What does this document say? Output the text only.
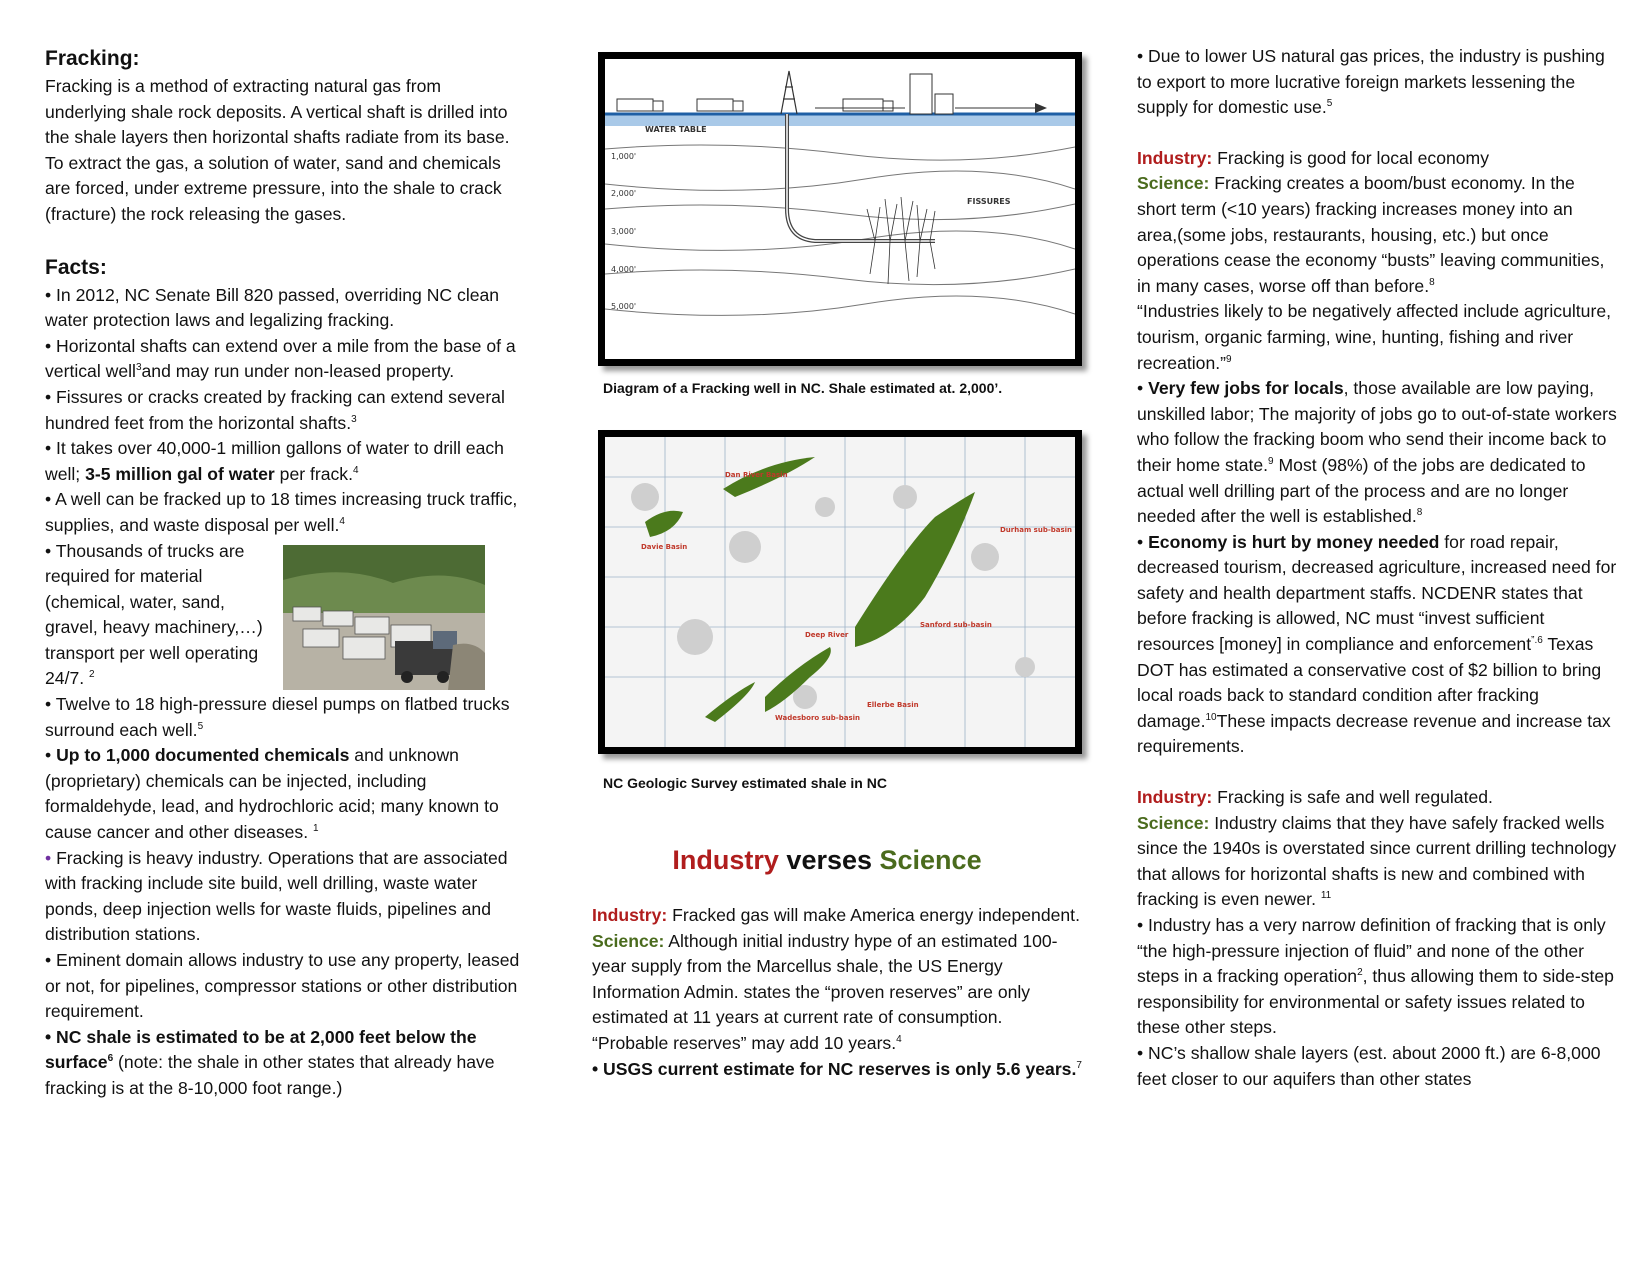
Fracking:

Fracking is a method of extracting natural gas from underlying shale rock deposits. A vertical shaft is drilled into the shale layers then horizontal shafts radiate from its base. To extract the gas, a solution of water, sand and chemicals are forced, under extreme pressure, into the shale to crack (fracture) the rock releasing the gases.

Facts:

• In 2012, NC Senate Bill 820 passed, overriding NC clean water protection laws and legalizing fracking.

• Horizontal shafts can extend over a mile from the base of a vertical well$^3$and may run under non-leased property.

• Fissures or cracks created by fracking can extend several hundred feet from the horizontal shafts.$^3$

• It takes over 40,000-1 million gallons of water to drill each well; 3-5 million gal of water per frack.$^4$

• A well can be fracked up to 18 times increasing truck traffic, supplies, and waste disposal per well.$^4$

• Thousands of trucks are required for material (chemical, water, sand, gravel, heavy machinery,…) transport per well operating 24/7. $^2$

• Twelve to 18 high-pressure diesel pumps on flatbed trucks surround each well.$^5$

• Up to 1,000 documented chemicals and unknown (proprietary) chemicals can be injected, including formaldehyde, lead, and hydrochloric acid; many known to cause cancer and other diseases. $^1$

• Fracking is heavy industry. Operations that are associated with fracking include site build, well drilling, waste water ponds, deep injection wells for waste fluids, pipelines and distribution stations.

• Eminent domain allows industry to use any property, leased or not, for pipelines, compressor stations or other distribution requirement.

• NC shale is estimated to be at 2,000 feet below the surface$^6$ (note: the shale in other states that already have fracking is at the 8-10,000 foot range.)

WATER TABLE
1,000'
2,000'
3,000'
4,000'
5,000'
FISSURES
Diagram of a Fracking well in NC. Shale estimated at. 2,000’.
Durham sub-basin
Sanford sub-basin
Wadesboro sub-basin
Ellerbe Basin
Dan River Basin
Davie Basin
Deep River
NC Geologic Survey estimated shale in NC
Industry verses Science

Industry: Fracked gas will make America energy independent.

Science: Although initial industry hype of an estimated 100-year supply from the Marcellus shale, the US Energy Information Admin. states the “proven reserves” are only estimated at 11 years at current rate of consumption. “Probable reserves” may add 10 years.$^4$

• USGS current estimate for NC reserves is only 5.6 years.$^7$

• Due to lower US natural gas prices, the industry is pushing to export to more lucrative foreign markets lessening the supply for domestic use.$^5$

Industry: Fracking is good for local economy

Science: Fracking creates a boom/bust economy. In the short term (<10 years) fracking increases money into an area,(some jobs, restaurants, housing, etc.) but once operations cease the economy “busts” leaving communities, in many cases, worse off than before.$^8$

“Industries likely to be negatively affected include agriculture, tourism, organic farming, wine, hunting, fishing and river recreation.”$^9$

• Very few jobs for locals, those available are low paying, unskilled labor; The majority of jobs go to out-of-state workers who follow the fracking boom who send their income back to their home state.$^9$ Most (98%) of the jobs are dedicated to actual well drilling part of the process and are no longer needed after the well is established.$^8$

• Economy is hurt by money needed for road repair, decreased tourism, decreased agriculture, increased need for safety and health department staffs. NCDENR states that before fracking is allowed, NC must “invest sufficient resources [money] in compliance and enforcement$^{”.6}$ Texas DOT has estimated a conservative cost of $2 billion to bring local roads back to standard condition after fracking damage.$^{10}$These impacts decrease revenue and increase tax requirements.

Industry: Fracking is safe and well regulated.

Science: Industry claims that they have safely fracked wells since the 1940s is overstated since current drilling technology that allows for horizontal shafts is new and combined with fracking is even newer. $^{11}$

• Industry has a very narrow definition of fracking that is only “the high-pressure injection of fluid” and none of the other steps in a fracking operation$^2$, thus allowing them to side-step responsibility for environmental or safety issues related to these other steps.

• NC’s shallow shale layers (est. about 2000 ft.) are 6-8,000 feet closer to our aquifers than other states
